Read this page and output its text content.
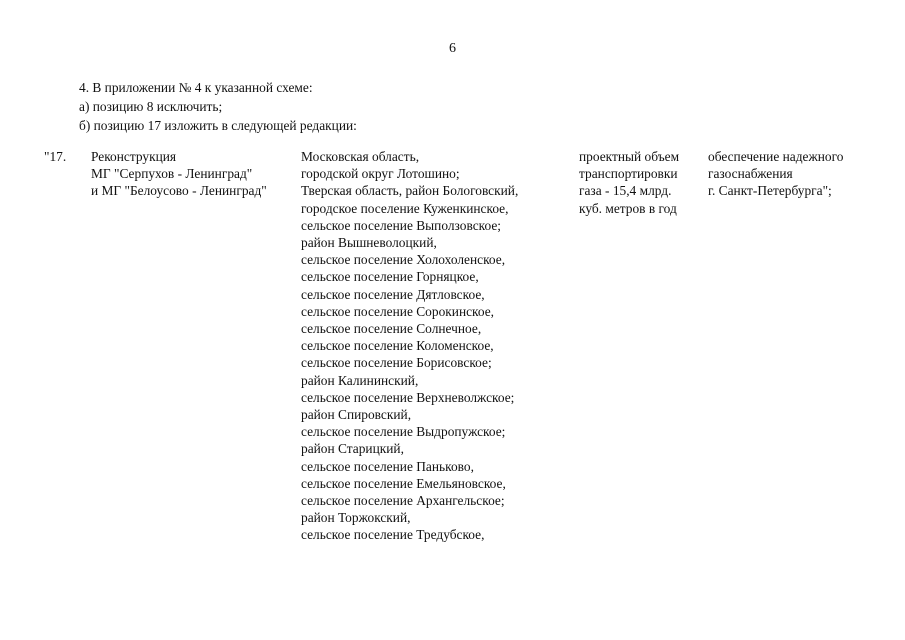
6
4. В приложении № 4 к указанной схеме:
а) позицию 8 исключить;
б) позицию 17 изложить в следующей редакции:
"17. Реконструкция
МГ "Серпухов - Ленинград"
и МГ "Белоусово - Ленинград"
Московская область,
городской округ Лотошино;
Тверская область, район Бологовский,
городское поселение Куженкинское,
сельское поселение Выползовское;
район Вышневолоцкий,
сельское поселение Холохоленское,
сельское поселение Горняцкое,
сельское поселение Дятловское,
сельское поселение Сорокинское,
сельское поселение Солнечное,
сельское поселение Коломенское,
сельское поселение Борисовское;
район Калининский,
сельское поселение Верхневолжское;
район Спировский,
сельское поселение Выдропужское;
район Старицкий,
сельское поселение Паньково,
сельское поселение Емельяновское,
сельское поселение Архангельское;
район Торжокский,
сельское поселение Тредубское,
проектный объем
транспортировки
газа - 15,4 млрд.
куб. метров в год
обеспечение надежного
газоснабжения
г. Санкт-Петербурга";
